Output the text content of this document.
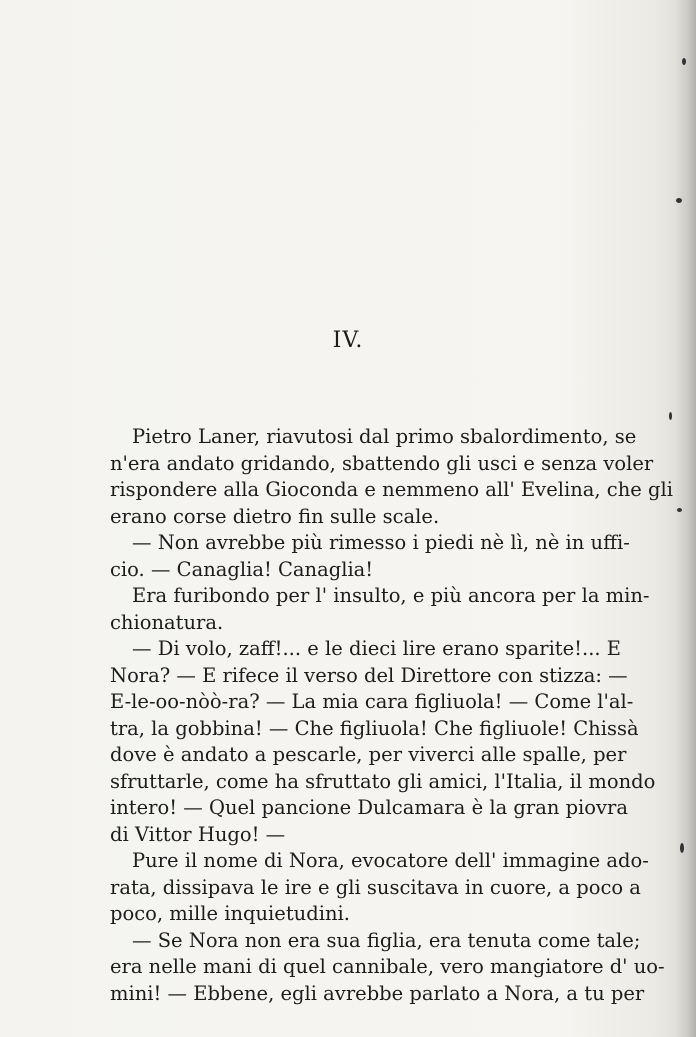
IV.
Pietro Laner, riavutosi dal primo sbalordimento, se
n'era andato gridando, sbattendo gli usci e senza voler
rispondere alla Gioconda e nemmeno all' Evelina, che gli
erano corse dietro fin sulle scale.
— Non avrebbe più rimesso i piedi nè lì, nè in uffi-
cio. — Canaglia! Canaglia!
Era furibondo per l' insulto, e più ancora per la min-
chionatura.
— Di volo, zaff!... e le dieci lire erano sparite!... E
Nora? — E rifece il verso del Direttore con stizza: —
E-le-oo-nòò-ra? — La mia cara figliuola! — Come l'al-
tra, la gobbina! — Che figliuola! Che figliuole! Chissà
dove è andato a pescarle, per viverci alle spalle, per
sfruttarle, come ha sfruttato gli amici, l'Italia, il mondo
intero! — Quel pancione Dulcamara è la gran piovra
di Vittor Hugo! —
Pure il nome di Nora, evocatore dell' immagine ado-
rata, dissipava le ire e gli suscitava in cuore, a poco a
poco, mille inquietudini.
— Se Nora non era sua figlia, era tenuta come tale;
era nelle mani di quel cannibale, vero mangiatore d' uo-
mini! — Ebbene, egli avrebbe parlato a Nora, a tu per
